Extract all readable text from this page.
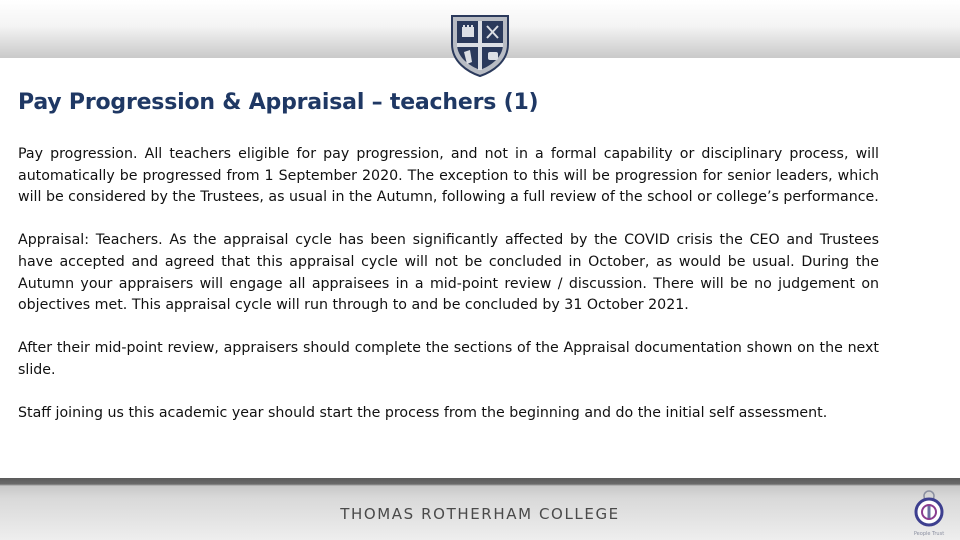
Pay Progression & Appraisal – teachers (1)

Pay progression. All teachers eligible for pay progression, and not in a formal capability or disciplinary process, will automatically be progressed from 1 September 2020. The exception to this will be progression for senior leaders, which will be considered by the Trustees, as usual in the Autumn, following a full review of the school or college’s performance.

Appraisal: Teachers. As the appraisal cycle has been significantly affected by the COVID crisis the CEO and Trustees have accepted and agreed that this appraisal cycle will not be concluded in October, as would be usual. During the Autumn your appraisers will engage all appraisees in a mid-point review / discussion. There will be no judgement on objectives met. This appraisal cycle will run through to and be concluded by 31 October 2021.

After their mid-point review, appraisers should complete the sections of the Appraisal documentation shown on the next slide.

Staff joining us this academic year should start the process from the beginning and do the initial self assessment.

THOMAS ROTHERHAM COLLEGE
People Trust
